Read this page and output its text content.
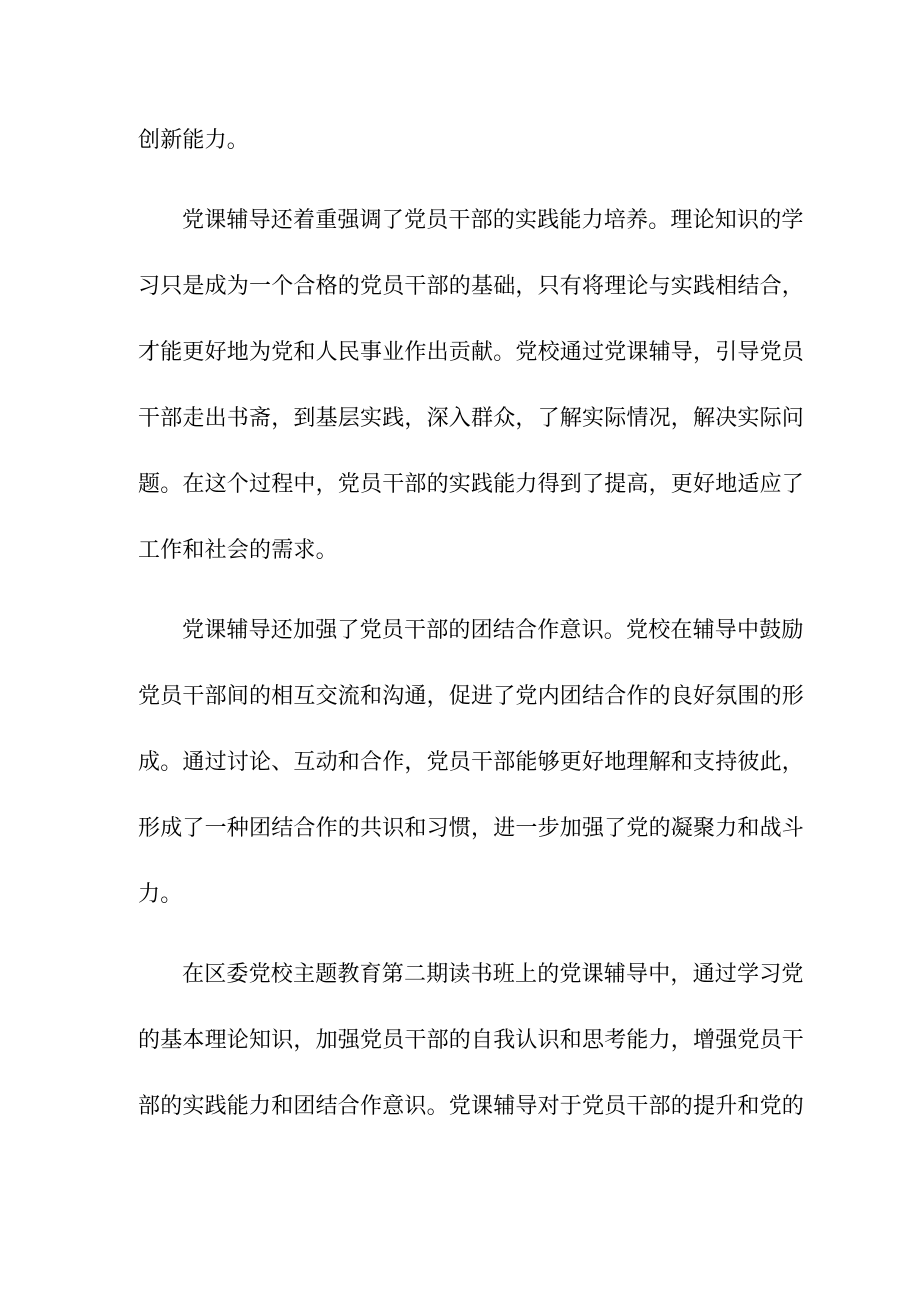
创新能力。
党课辅导还着重强调了党员干部的实践能力培养。理论知识的学
习只是成为一个合格的党员干部的基础，只有将理论与实践相结合，
才能更好地为党和人民事业作出贡献。党校通过党课辅导，引导党员
干部走出书斋，到基层实践，深入群众，了解实际情况，解决实际问
题。在这个过程中，党员干部的实践能力得到了提高，更好地适应了
工作和社会的需求。
党课辅导还加强了党员干部的团结合作意识。党校在辅导中鼓励
党员干部间的相互交流和沟通，促进了党内团结合作的良好氛围的形
成。通过讨论、互动和合作，党员干部能够更好地理解和支持彼此，
形成了一种团结合作的共识和习惯，进一步加强了党的凝聚力和战斗
力。
在区委党校主题教育第二期读书班上的党课辅导中，通过学习党
的基本理论知识，加强党员干部的自我认识和思考能力，增强党员干
部的实践能力和团结合作意识。党课辅导对于党员干部的提升和党的
